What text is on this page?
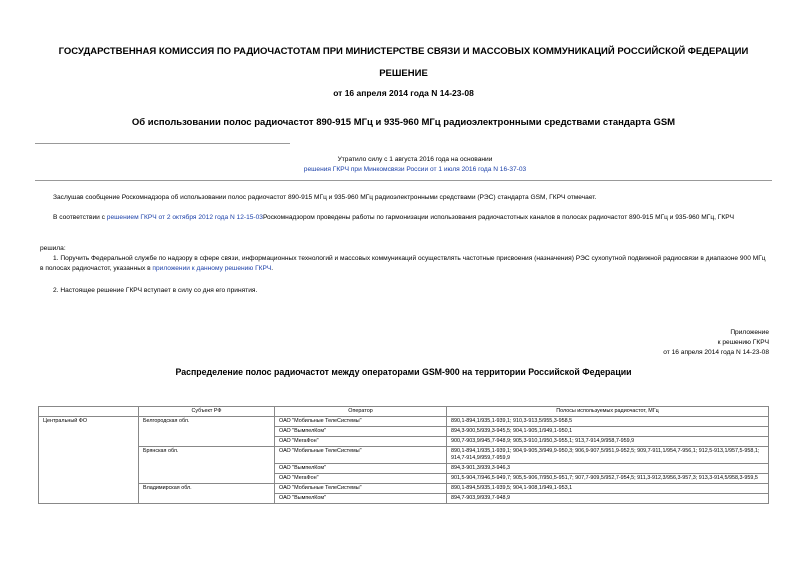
ГОСУДАРСТВЕННАЯ КОМИССИЯ ПО РАДИОЧАСТОТАМ ПРИ МИНИСТЕРСТВЕ СВЯЗИ И МАССОВЫХ КОММУНИКАЦИЙ РОССИЙСКОЙ ФЕДЕРАЦИИ
РЕШЕНИЕ
от 16 апреля 2014 года N 14-23-08
Об использовании полос радиочастот 890-915 МГц и 935-960 МГц радиоэлектронными средствами стандарта GSM
Утратило силу с 1 августа 2016 года на основании
решения ГКРЧ при Минкомсвязи России от 1 июля 2016 года N 16-37-03
Заслушав сообщение Роскомнадзора об использовании полос радиочастот 890-915 МГц и 935-960 МГц радиоэлектронными средствами (РЭС) стандарта GSM, ГКРЧ отмечает.
В соответствии с решением ГКРЧ от 2 октября 2012 года N 12-15-03Роскомнадзором проведены работы по гармонизации использования радиочастотных каналов в полосах радиочастот 890-915 МГц и 935-960 МГц, ГКРЧ
решила:
1. Поручить Федеральной службе по надзору в сфере связи, информационных технологий и массовых коммуникаций осуществлять частотные присвоения (назначения) РЭС сухопутной подвижной радиосвязи в диапазоне 900 МГц в полосах радиочастот, указанных в приложении к данному решению ГКРЧ.
2. Настоящее решение ГКРЧ вступает в силу со дня его принятия.
Приложение
к решению ГКРЧ
от 16 апреля 2014 года N 14-23-08
Распределение полос радиочастот между операторами GSM-900 на территории Российской Федерации
	Субъект РФ	Оператор	Полосы используемых радиочастот, МГц
Центральный ФО	Белгородская обл.	ОАО "Мобильные ТелеСистемы"	890,1-894,1/935,1-939,1; 910,3-913,5/955,3-958,5
		ОАО "ВымпелКом"	894,3-900,5/939,3-945,5; 904,1-905,1/949,1-950,1
		ОАО "МегаФон"	900,7-903,9/945,7-948,9; 905,3-910,1/950,3-955,1; 913,7-914,9/958,7-959,9
	Брянская обл.	ОАО "Мобильные ТелеСистемы"	890,1-894,1/935,1-939,1; 904,9-905,3/949,9-950,3; 906,9-907,5/951,9-952,5; 909,7-911,1/954,7-956,1; 912,5-913,1/957,5-958,1; 914,7-914,9/959,7-959,9
		ОАО "ВымпелКом"	894,3-901,3/939,3-946,3
		ОАО "МегаФон"	901,5-904,7/946,5-949,7; 905,5-906,7/950,5-951,7; 907,7-909,5/952,7-954,5; 911,3-912,3/956,3-957,3; 913,3-914,5/958,3-959,5
	Владимирская обл.	ОАО "Мобильные ТелеСистемы"	890,1-894,5/935,1-939,5; 904,1-908,1/949,1-953,1
		ОАО "ВымпелКом"	894,7-903,9/939,7-948,9
